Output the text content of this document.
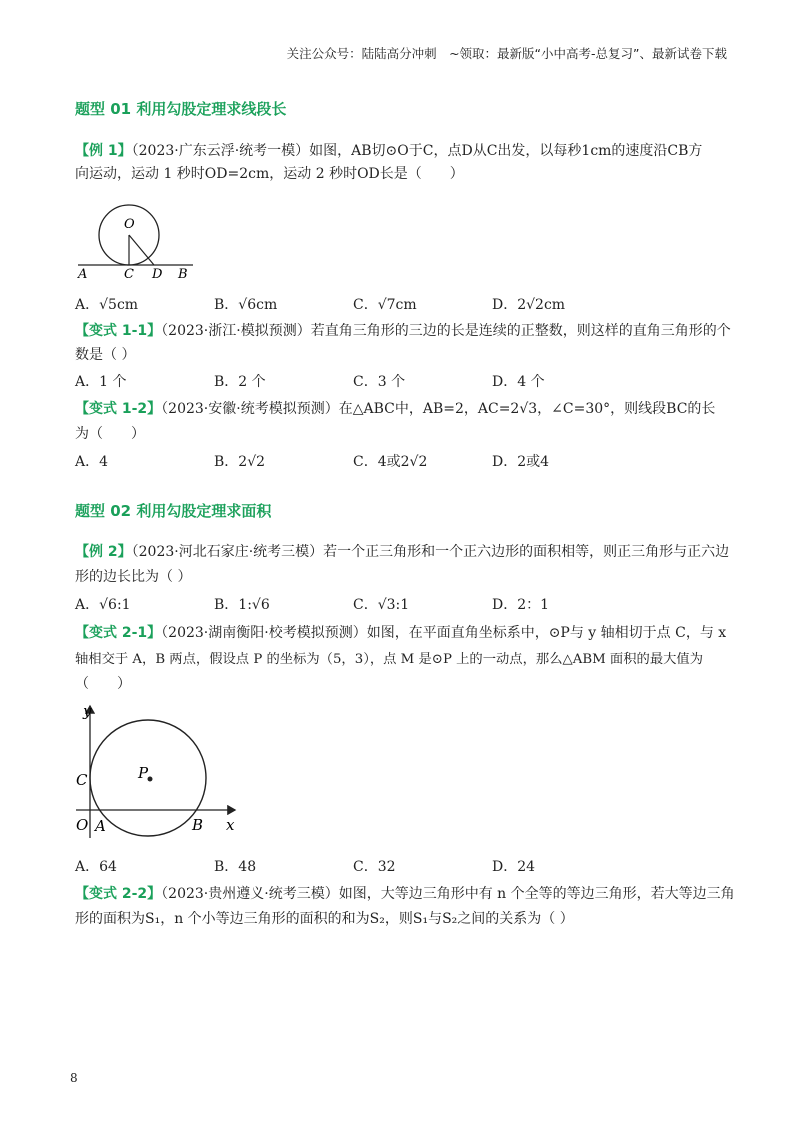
关注公众号：陆陆高分冲刺　~领取：最新版“小中高考-总复习”、最新试卷下载
题型 01 利用勾股定理求线段长
【例 1】（2023·广东云浮·统考一模）如图，AB切⊙O于C，点D从C出发，以每秒1cm的速度沿CB方
向运动，运动 1 秒时OD=2cm，运动 2 秒时OD长是（　　）
O
A	C D B
A．√5cm	B．√6cm	C．√7cm	D．2√2cm
【变式 1-1】（2023·浙江·模拟预测）若直角三角形的三边的长是连续的正整数，则这样的直角三角形的个
数是（ ）
A．1 个	B．2 个	C．3 个	D．4 个
【变式 1-2】（2023·安徽·统考模拟预测）在△ABC中，AB=2，AC=2√3，∠C=30°，则线段BC的长
为（　　）
A．4	B．2√2	C．4或2√2	D．2或4
题型 02 利用勾股定理求面积
【例 2】（2023·河北石家庄·统考三模）若一个正三角形和一个正六边形的面积相等，则正三角形与正六边
形的边长比为（ ）
A．√6:1	B．1:√6	C．√3:1	D．2：1
【变式 2-1】（2023·湖南衡阳·校考模拟预测）如图，在平面直角坐标系中，⊙P与 y 轴相切于点 C，与 x
轴相交于 A，B 两点，假设点 P 的坐标为（5，3），点 M 是⊙P 上的一动点，那么△ABM 面积的最大值为
（　　）
y
x
O A	B
C	P
A．64	B．48	C．32	D．24
【变式 2-2】（2023·贵州遵义·统考三模）如图，大等边三角形中有 n 个全等的等边三角形，若大等边三角
形的面积为S₁，n 个小等边三角形的面积的和为S₂，则S₁与S₂之间的关系为（ ）
8
